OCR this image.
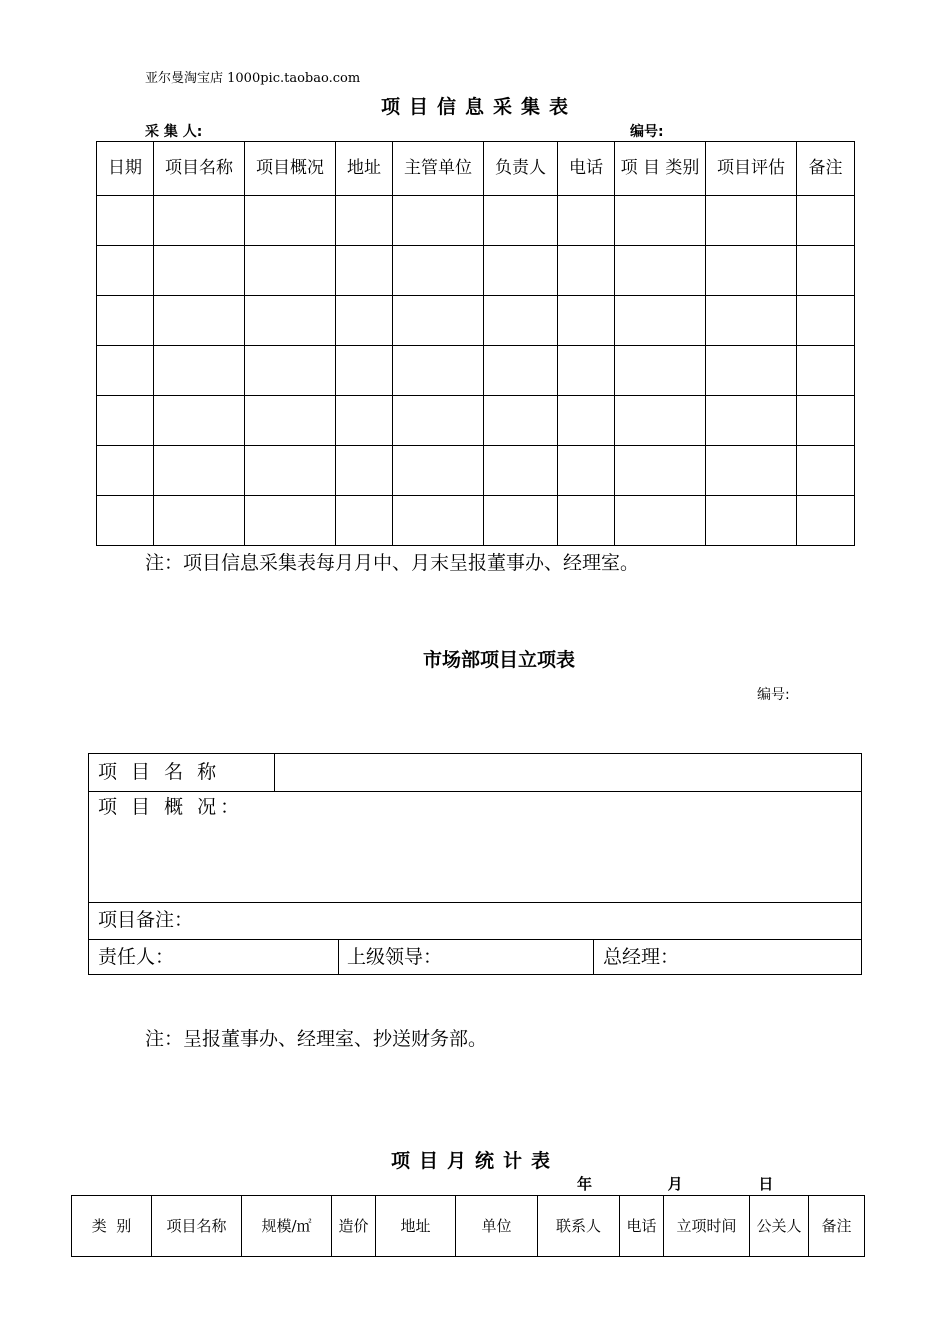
亚尔曼淘宝店 1000pic.taobao.com
项目信息采集表
采 集 人:	编号:
日期	项目名称	项目概况	地址	主管单位	负责人	电话	项 目 类别	项目评估	备注

注：项目信息采集表每月月中、月末呈报董事办、经理室。
市场部项目立项表
编号:
项 目 名 称
项 目 概 况：
项目备注：
责任人：	上级领导：	总经理：
注：呈报董事办、经理室、抄送财务部。
项目月统计表
年   月   日
类  别	项目名称	规模/㎡	造价	地址	单位	联系人	电话	立项时间	公关人	备注
